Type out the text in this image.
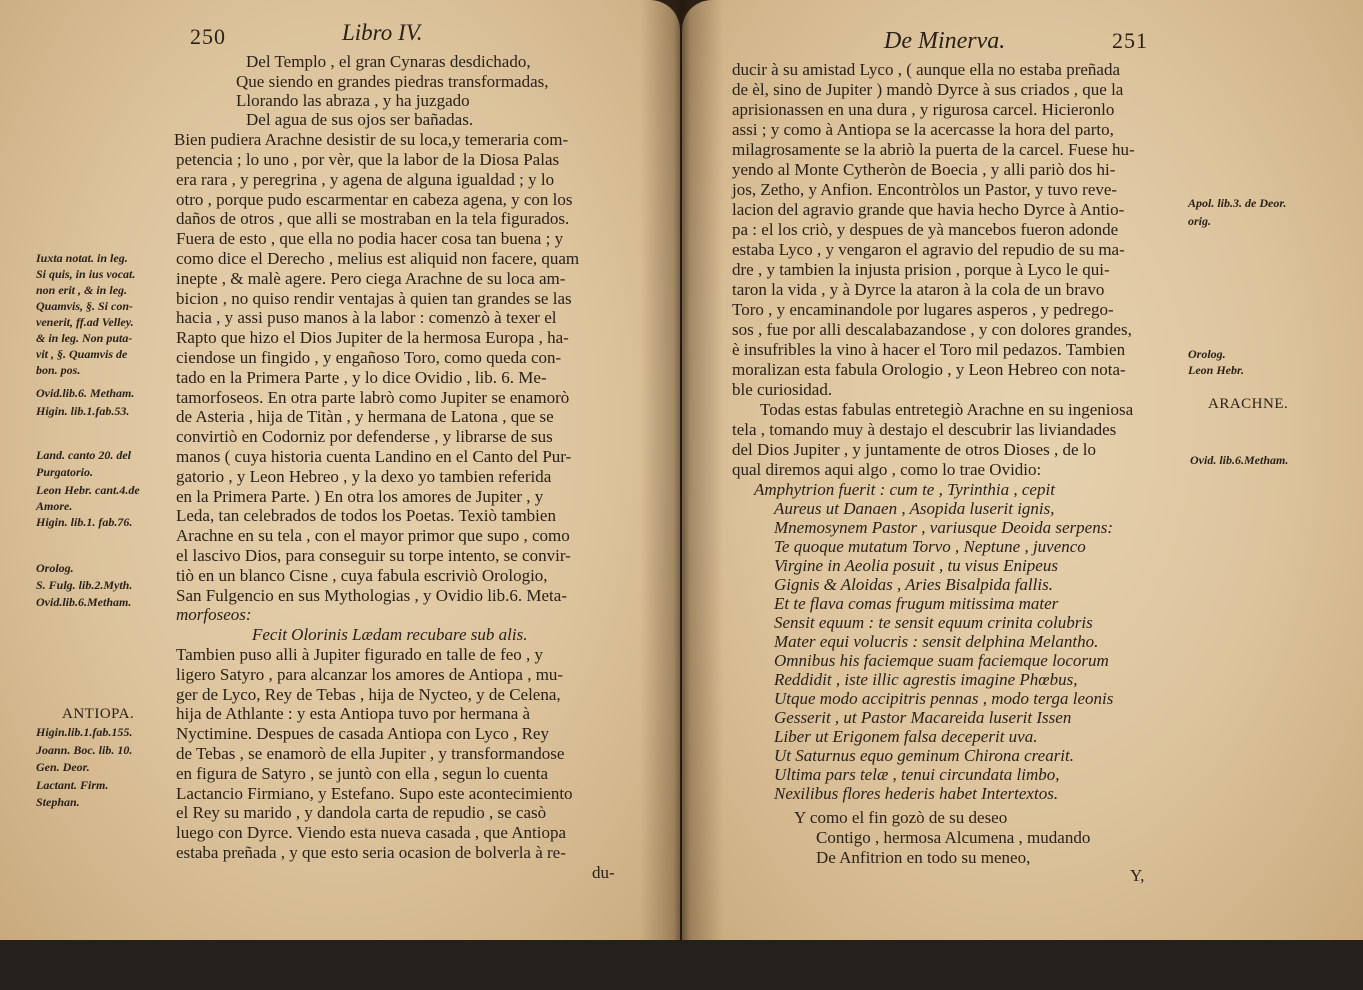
250	Libro IV.
Del Templo , el gran Cynaras desdichado,
Que siendo en grandes piedras transformadas,
Llorando las abraza , y ha juzgado
Del agua de sus ojos ser bañadas.
Bien pudiera Arachne desistir de su loca,y temeraria com-
petencia ; lo uno , por vèr, que la labor de la Diosa Palas
era rara , y peregrina , y agena de alguna igualdad ; y lo
otro , porque pudo escarmentar en cabeza agena, y con los
daños de otros , que alli se mostraban en la tela figurados.
Fuera de esto , que ella no podia hacer cosa tan buena ; y
como dice el Derecho , melius est aliquid non facere, quam
inepte , & malè agere. Pero ciega Arachne de su loca am-
bicion , no quiso rendir ventajas à quien tan grandes se las
hacia , y assi puso manos à la labor : comenzò à texer el
Rapto que hizo el Dios Jupiter de la hermosa Europa , ha-
ciendose un fingido , y engañoso Toro, como queda con-
tado en la Primera Parte , y lo dice Ovidio , lib. 6. Me-
tamorfoseos. En otra parte labrò como Jupiter se enamorò
de Asteria , hija de Titàn , y hermana de Latona , que se
convirtiò en Codorniz por defenderse , y librarse de sus
manos ( cuya historia cuenta Landino en el Canto del Pur-
gatorio , y Leon Hebreo , y la dexo yo tambien referida
en la Primera Parte. ) En otra los amores de Jupiter , y
Leda, tan celebrados de todos los Poetas. Texiò tambien
Arachne en su tela , con el mayor primor que supo , como
el lascivo Dios, para conseguir su torpe intento, se convir-
tiò en un blanco Cisne , cuya fabula escriviò Orologio,
San Fulgencio en sus Mythologias , y Ovidio lib.6. Meta-
morfoseos:
Fecit Olorinis Lædam recubare sub alis.
Tambien puso alli à Jupiter figurado en talle de feo , y
ligero Satyro , para alcanzar los amores de Antiopa , mu-
ger de Lyco, Rey de Tebas , hija de Nycteo, y de Celena,
hija de Athlante : y esta Antiopa tuvo por hermana à
Nyctimine. Despues de casada Antiopa con Lyco , Rey
de Tebas , se enamorò de ella Jupiter , y transformandose
en figura de Satyro , se juntò con ella , segun lo cuenta
Lactancio Firmiano, y Estefano. Supo este acontecimiento
el Rey su marido , y dandola carta de repudio , se casò
luego con Dyrce. Viendo esta nueva casada , que Antiopa
estaba preñada , y que esto seria ocasion de bolverla à re-
du-
Iuxta notat. in leg.
Si quis, in ius vocat.
non erit , & in leg.
Quamvis, §. Si con-
venerit, ff.ad Velley.
& in leg. Non puta-
vit , §. Quamvis de
bon. pos.
Ovid.lib.6. Metham.
Higin. lib.1.fab.53.
Land. canto 20. del
Purgatorio.
Leon Hebr. cant.4.de
Amore.
Higin. lib.1. fab.76.
Orolog.
S. Fulg. lib.2.Myth.
Ovid.lib.6.Metham.
ANTIOPA.
Higin.lib.1.fab.155.
Joann. Boc. lib. 10.
Gen. Deor.
Lactant. Firm.
Stephan.
De Minerva.	251
ducir à su amistad Lyco , ( aunque ella no estaba preñada
de èl, sino de Jupiter ) mandò Dyrce à sus criados , que la
aprisionassen en una dura , y rigurosa carcel. Hicieronlo
assi ; y como à Antiopa se la acercasse la hora del parto,
milagrosamente se la abriò la puerta de la carcel. Fuese hu-
yendo al Monte Cytheròn de Boecia , y alli pariò dos hi-
jos, Zetho, y Anfion. Encontròlos un Pastor, y tuvo reve-
lacion del agravio grande que havia hecho Dyrce à Antio-
pa : el los criò, y despues de yà mancebos fueron adonde
estaba Lyco , y vengaron el agravio del repudio de su ma-
dre , y tambien la injusta prision , porque à Lyco le qui-
taron la vida , y à Dyrce la ataron à la cola de un bravo
Toro , y encaminandole por lugares asperos , y pedrego-
sos , fue por alli descalabazandose , y con dolores grandes,
è insufribles la vino à hacer el Toro mil pedazos. Tambien
moralizan esta fabula Orologio , y Leon Hebreo con nota-
ble curiosidad.
Todas estas fabulas entretegiò Arachne en su ingeniosa
tela , tomando muy à destajo el descubrir las liviandades
del Dios Jupiter , y juntamente de otros Dioses , de lo
qual diremos aqui algo , como lo trae Ovidio:
Amphytrion fuerit : cum te , Tyrinthia , cepit
Aureus ut Danaen , Asopida luserit ignis,
Mnemosynem Pastor , variusque Deoida serpens:
Te quoque mutatum Torvo , Neptune , juvenco
Virgine in Aeolia posuit , tu visus Enipeus
Gignis & Aloidas , Aries Bisalpida fallis.
Et te flava comas frugum mitissima mater
Sensit equum : te sensit equum crinita colubris
Mater equi volucris : sensit delphina Melantho.
Omnibus his faciemque suam faciemque locorum
Reddidit , iste illic agrestis imagine Phœbus,
Utque modo accipitris pennas , modo terga leonis
Gesserit , ut Pastor Macareida luserit Issen
Liber ut Erigonem falsa deceperit uva.
Ut Saturnus equo geminum Chirona crearit.
Ultima pars telæ , tenui circundata limbo,
Nexilibus flores hederis habet Intertextos.
Y como el fin gozò de su deseo
Contigo , hermosa Alcumena , mudando
De Anfitrion en todo su meneo,
Y,
Apol. lib.3. de Deor.
orig.
Orolog.
Leon Hebr.
ARACHNE.
Ovid. lib.6.Metham.
